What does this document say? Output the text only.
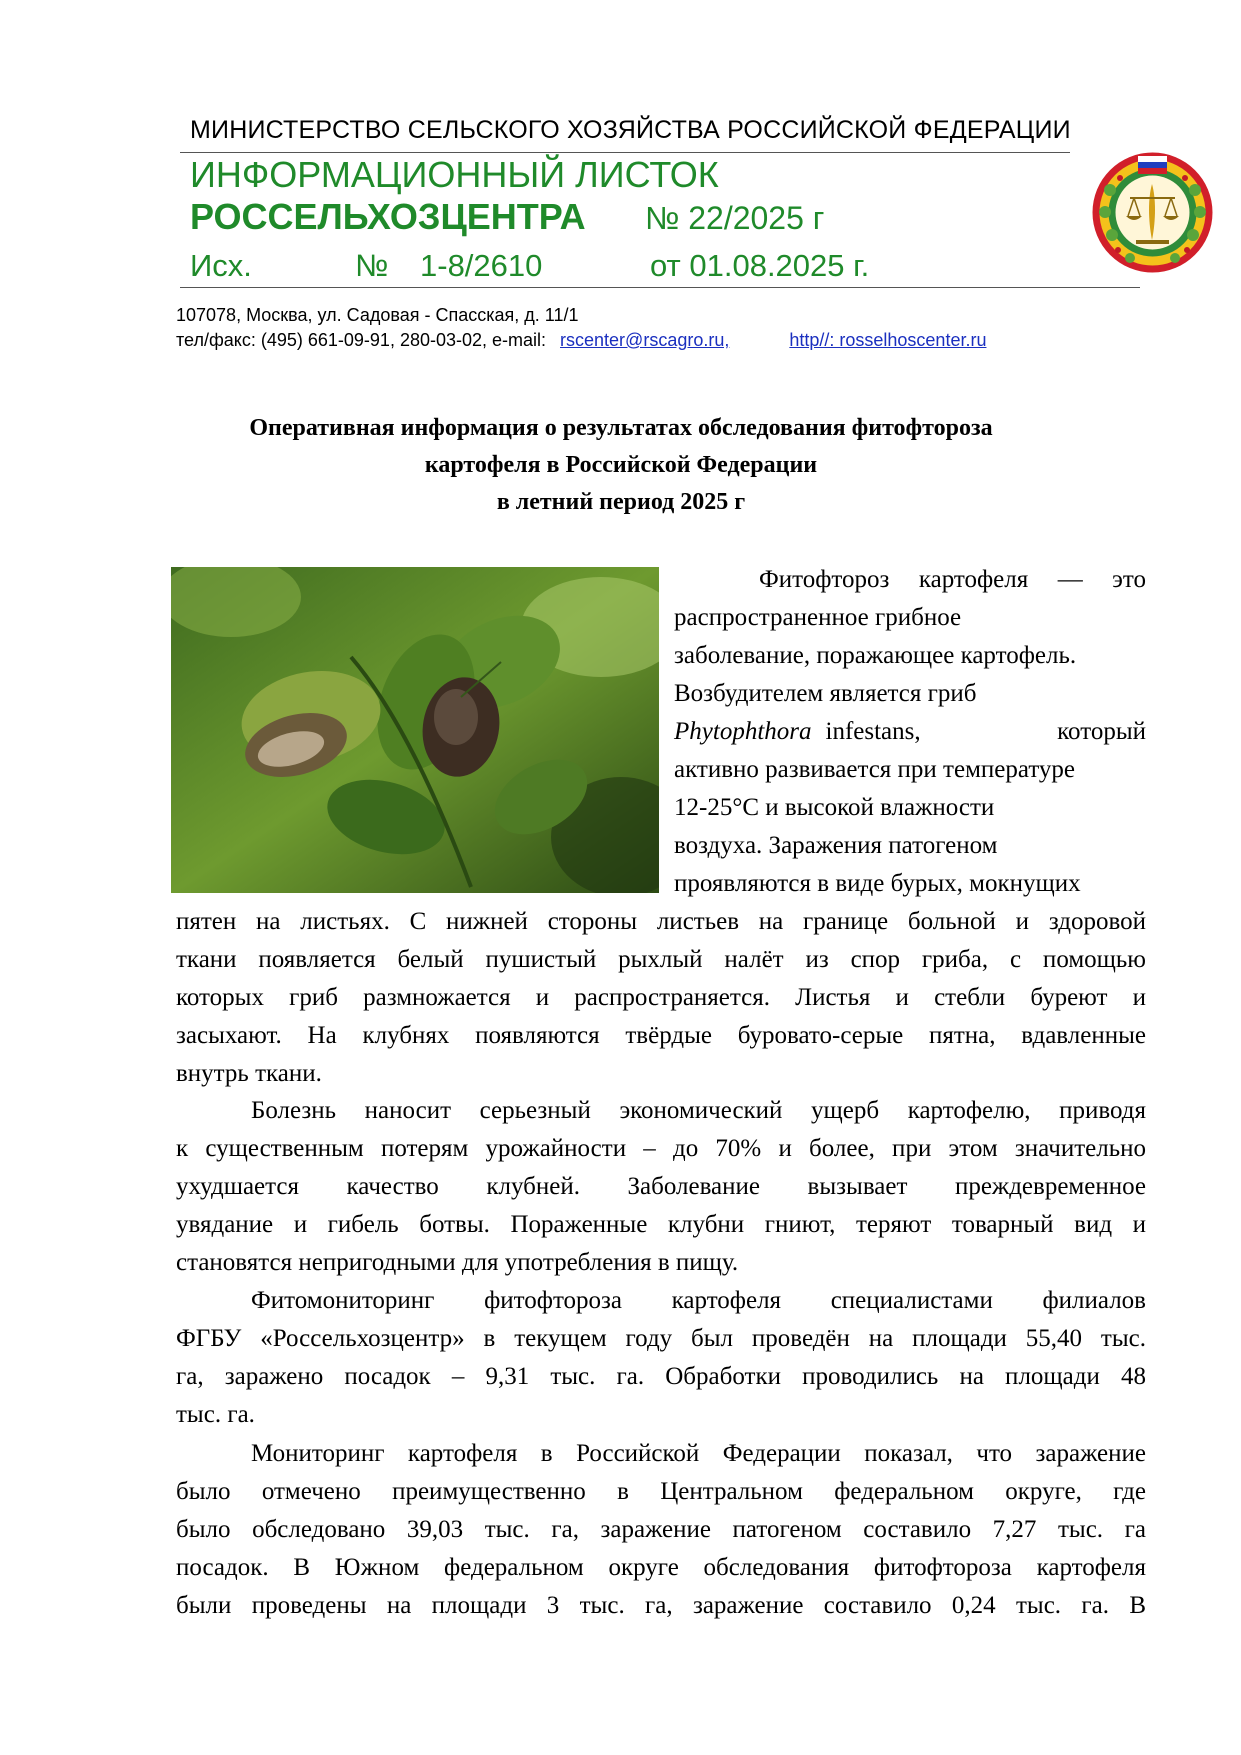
МИНИСТЕРСТВО СЕЛЬСКОГО ХОЗЯЙСТВА РОССИЙСКОЙ ФЕДЕРАЦИИ
ИНФОРМАЦИОННЫЙ ЛИСТОК
РОССЕЛЬХОЗЦЕНТРА № 22/2025 г
Исх.	№ 1-8/2610	от 01.08.2025 г.
107078, Москва, ул. Садовая - Спасская, д. 11/1
тел/факс: (495) 661-09-91, 280-03-02, e-mail: rscenter@rscagro.ru,	http//: rosselhoscenter.ru
Оперативная информация о результатах обследования фитофтороза
картофеля в Российской Федерации
в летний период 2025 г
Фитофтороз картофеля — это
распространенное грибное
заболевание, поражающее картофель.
Возбудителем является гриб
Phytophthora infestans, который
активно развивается при температуре
12-25°С и высокой влажности
воздуха. Заражения патогеном
проявляются в виде бурых, мокнущих
пятен на листьях. С нижней стороны листьев на границе больной и здоровой
ткани появляется белый пушистый рыхлый налёт из спор гриба, с помощью
которых гриб размножается и распространяется. Листья и стебли буреют и
засыхают. На клубнях появляются твёрдые буровато-серые пятна, вдавленные
внутрь ткани.
Болезнь наносит серьезный экономический ущерб картофелю, приводя
к существенным потерям урожайности – до 70% и более, при этом значительно
ухудшается качество клубней. Заболевание вызывает преждевременное
увядание и гибель ботвы. Пораженные клубни гниют, теряют товарный вид и
становятся непригодными для употребления в пищу.
Фитомониторинг фитофтороза картофеля специалистами филиалов
ФГБУ «Россельхозцентр» в текущем году был проведён на площади 55,40 тыс.
га, заражено посадок – 9,31 тыс. га. Обработки проводились на площади 48
тыс. га.
Мониторинг картофеля в Российской Федерации показал, что заражение
было отмечено преимущественно в Центральном федеральном округе, где
было обследовано 39,03 тыс. га, заражение патогеном составило 7,27 тыс. га
посадок. В Южном федеральном округе обследования фитофтороза картофеля
были проведены на площади 3 тыс. га, заражение составило 0,24 тыс. га. В
